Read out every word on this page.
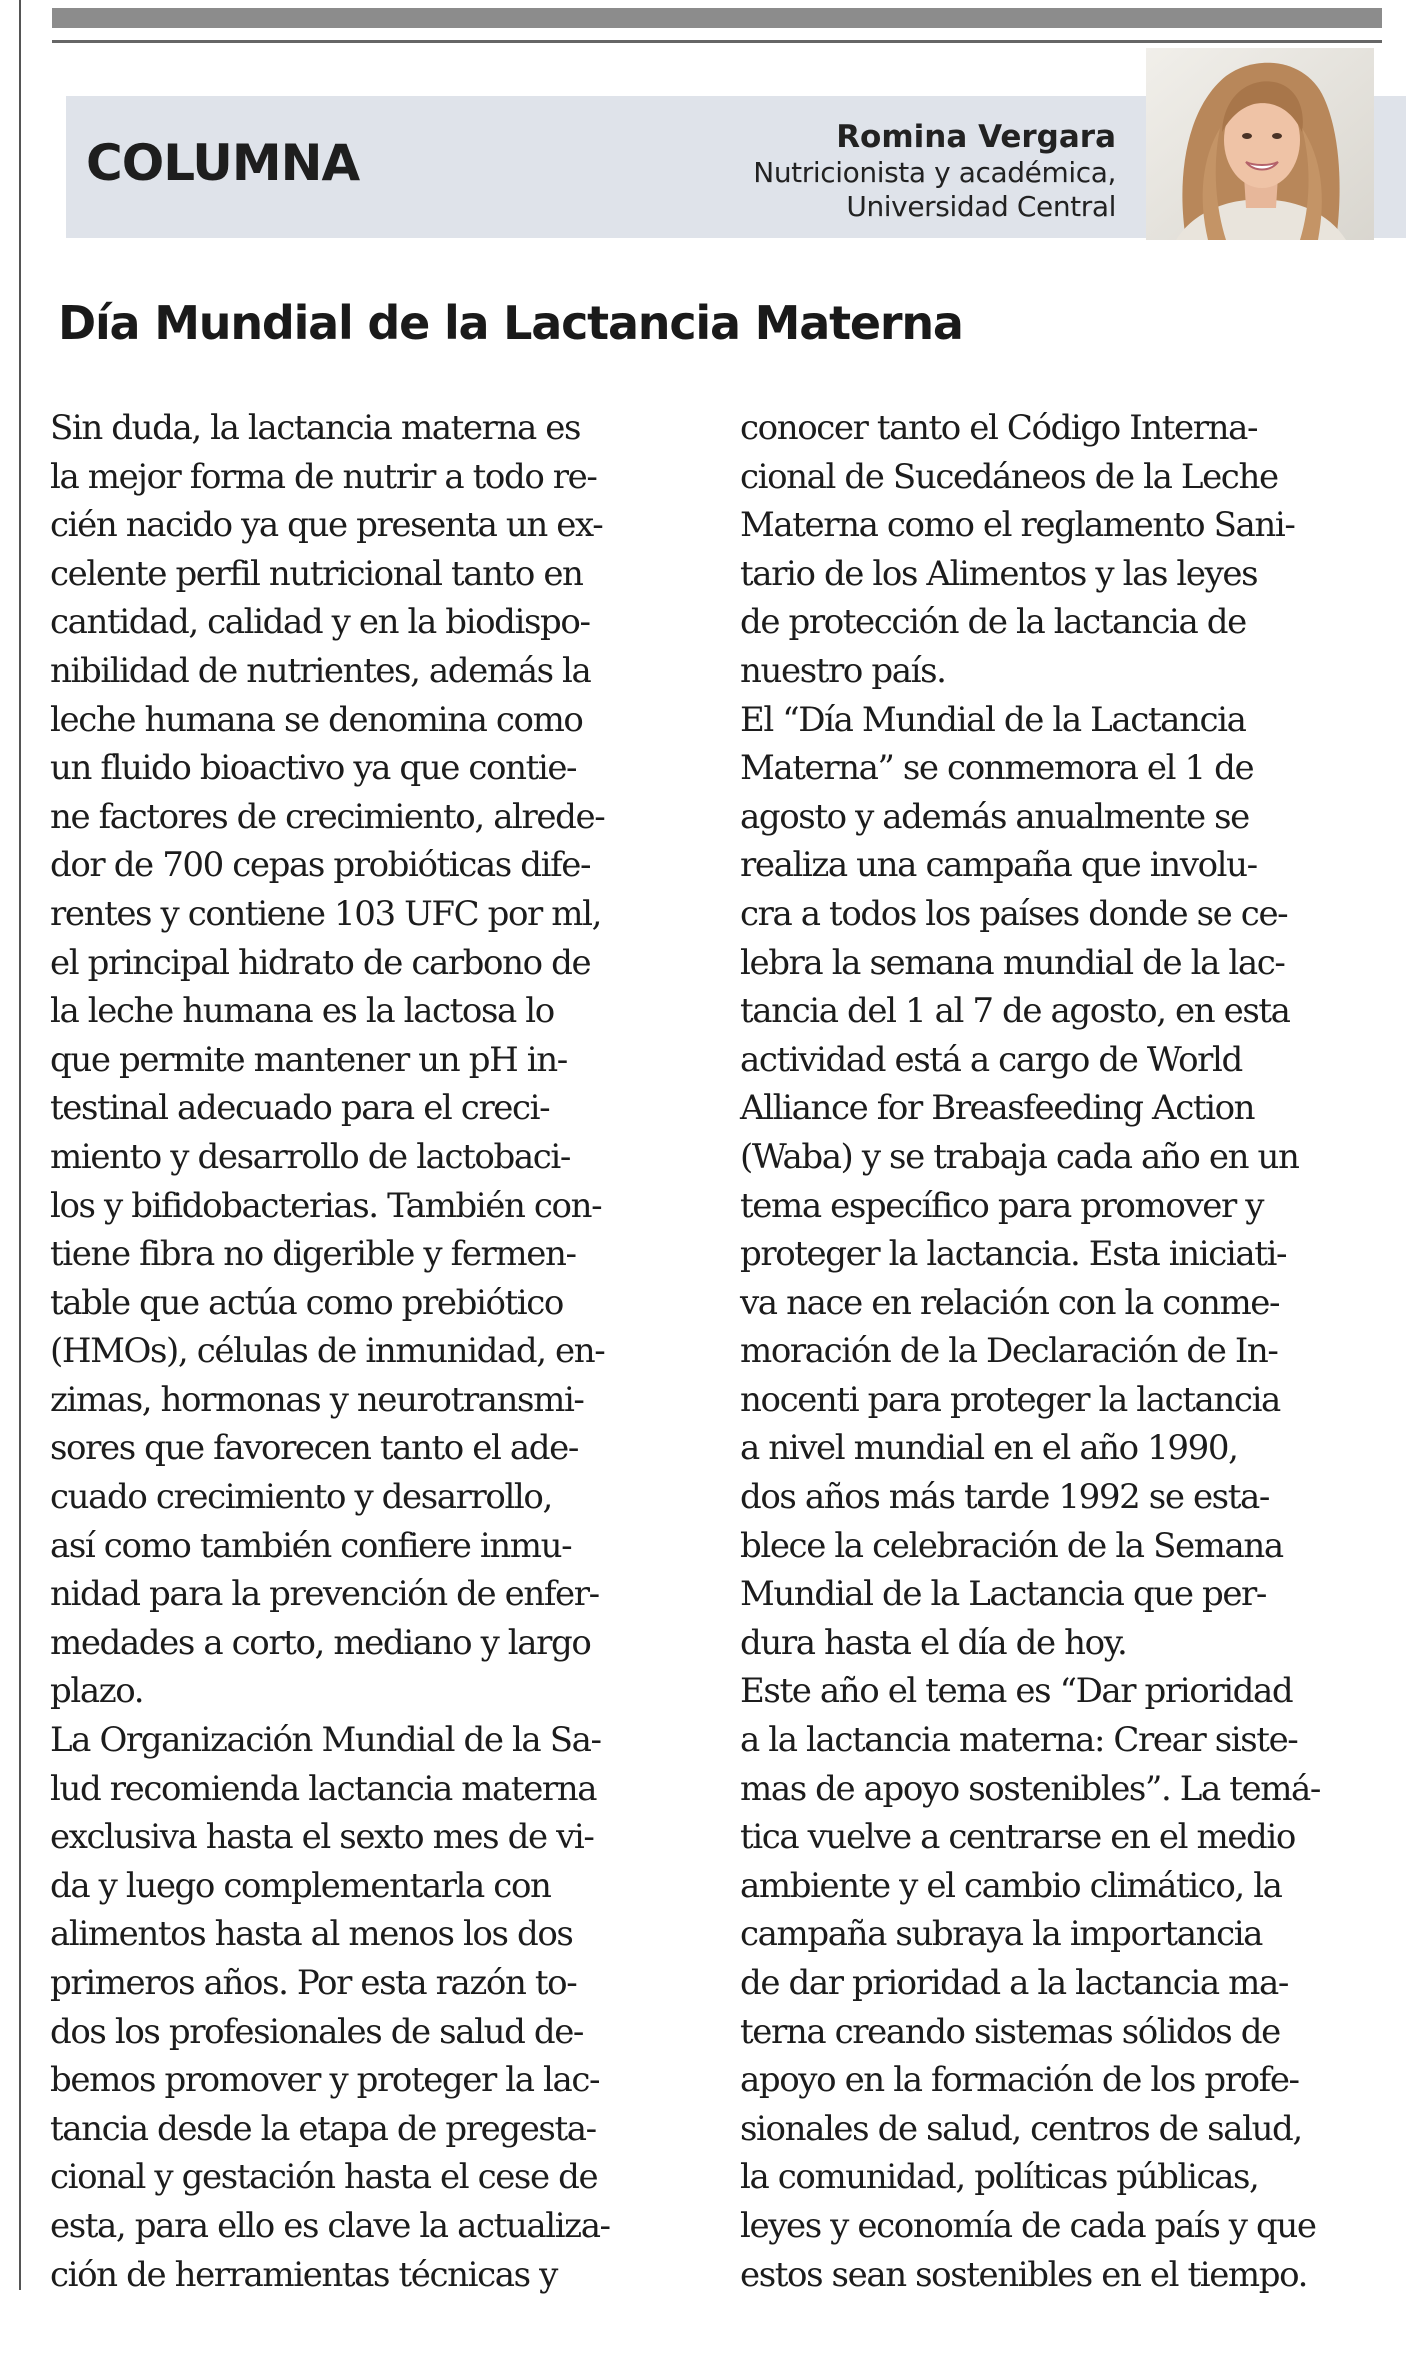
COLUMNA	Romina Vergara
Nutricionista y académica,
Universidad Central
Día Mundial de la Lactancia Materna
Sin duda, la lactancia materna es
la mejor forma de nutrir a todo re-
cién nacido ya que presenta un ex-
celente perfil nutricional tanto en
cantidad, calidad y en la biodispo-
nibilidad de nutrientes, además la
leche humana se denomina como
un fluido bioactivo ya que contie-
ne factores de crecimiento, alrede-
dor de 700 cepas probióticas dife-
rentes y contiene 103 UFC por ml,
el principal hidrato de carbono de
la leche humana es la lactosa lo
que permite mantener un pH in-
testinal adecuado para el creci-
miento y desarrollo de lactobaci-
los y bifidobacterias. También con-
tiene fibra no digerible y fermen-
table que actúa como prebiótico
(HMOs), células de inmunidad, en-
zimas, hormonas y neurotransmi-
sores que favorecen tanto el ade-
cuado crecimiento y desarrollo,
así como también confiere inmu-
nidad para la prevención de enfer-
medades a corto, mediano y largo
plazo.
La Organización Mundial de la Sa-
lud recomienda lactancia materna
exclusiva hasta el sexto mes de vi-
da y luego complementarla con
alimentos hasta al menos los dos
primeros años. Por esta razón to-
dos los profesionales de salud de-
bemos promover y proteger la lac-
tancia desde la etapa de pregesta-
cional y gestación hasta el cese de
esta, para ello es clave la actualiza-
ción de herramientas técnicas y
conocer tanto el Código Interna-
cional de Sucedáneos de la Leche
Materna como el reglamento Sani-
tario de los Alimentos y las leyes
de protección de la lactancia de
nuestro país.
El “Día Mundial de la Lactancia
Materna” se conmemora el 1 de
agosto y además anualmente se
realiza una campaña que involu-
cra a todos los países donde se ce-
lebra la semana mundial de la lac-
tancia del 1 al 7 de agosto, en esta
actividad está a cargo de World
Alliance for Breasfeeding Action
(Waba) y se trabaja cada año en un
tema específico para promover y
proteger la lactancia. Esta iniciati-
va nace en relación con la conme-
moración de la Declaración de In-
nocenti para proteger la lactancia
a nivel mundial en el año 1990,
dos años más tarde 1992 se esta-
blece la celebración de la Semana
Mundial de la Lactancia que per-
dura hasta el día de hoy.
Este año el tema es “Dar prioridad
a la lactancia materna: Crear siste-
mas de apoyo sostenibles”. La temá-
tica vuelve a centrarse en el medio
ambiente y el cambio climático, la
campaña subraya la importancia
de dar prioridad a la lactancia ma-
terna creando sistemas sólidos de
apoyo en la formación de los profe-
sionales de salud, centros de salud,
la comunidad, políticas públicas,
leyes y economía de cada país y que
estos sean sostenibles en el tiempo.
